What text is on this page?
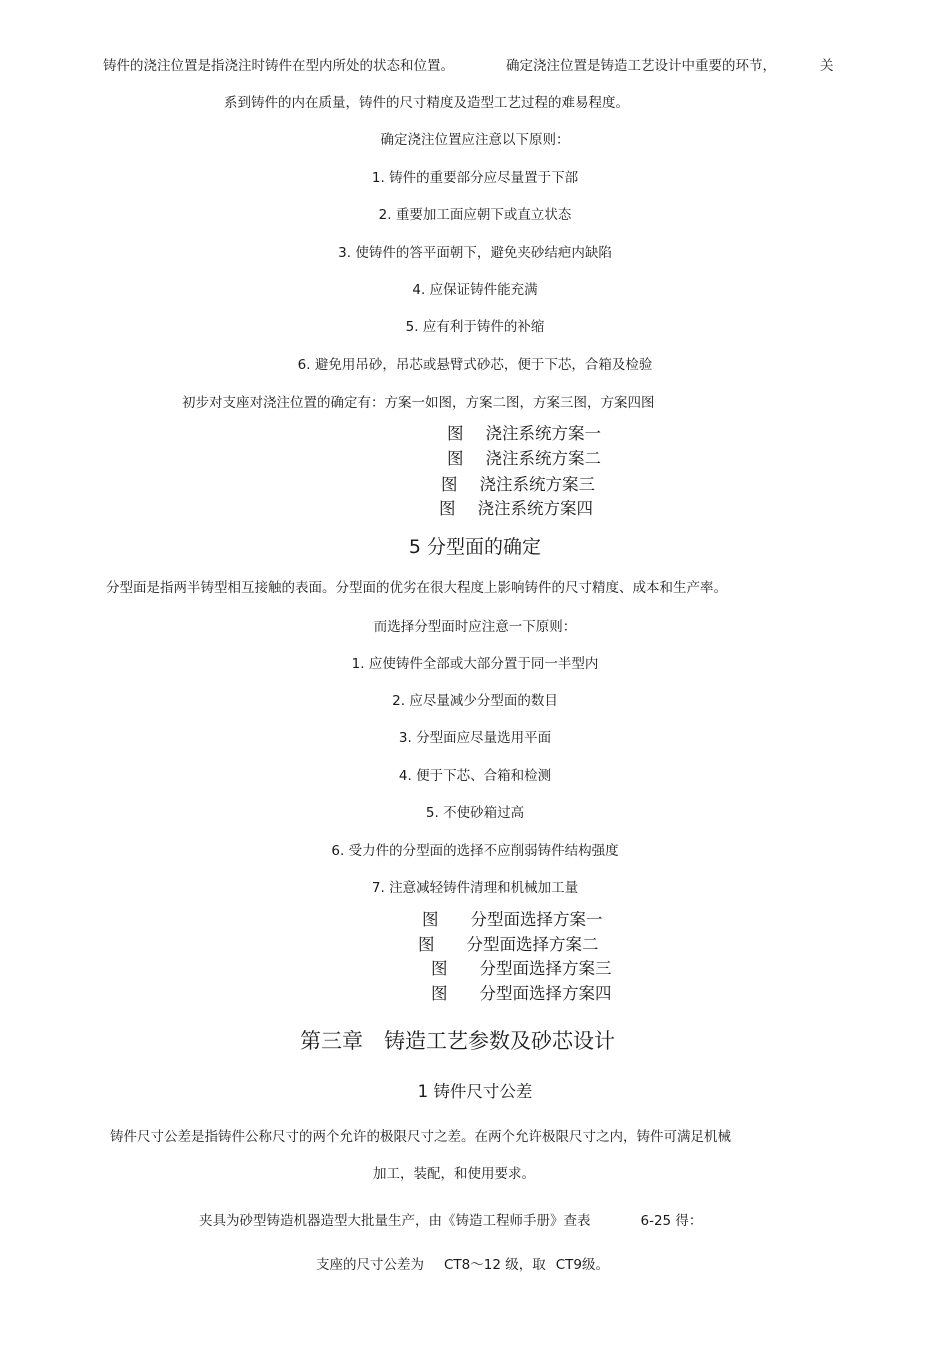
铸件的浇注位置是指浇注时铸件在型内所处的状态和位置。	确定浇注位置是铸造工艺设计中重要的环节，	关
系到铸件的内在质量，铸件的尺寸精度及造型工艺过程的难易程度。
确定浇注位置应注意以下原则：
1. 铸件的重要部分应尽量置于下部
2. 重要加工面应朝下或直立状态
3. 使铸件的答平面朝下，避免夹砂结疤内缺陷
4. 应保证铸件能充满
5. 应有利于铸件的补缩
6. 避免用吊砂，吊芯或悬臂式砂芯，便于下芯，合箱及检验
初步对支座对浇注位置的确定有：方案一如图，方案二图，方案三图，方案四图
图 浇注系统方案一
图 浇注系统方案二
图 浇注系统方案三
图 浇注系统方案四
5 分型面的确定
分型面是指两半铸型相互接触的表面。分型面的优劣在很大程度上影响铸件的尺寸精度、成本和生产率。
而选择分型面时应注意一下原则：
1. 应使铸件全部或大部分置于同一半型内
2. 应尽量减少分型面的数目
3. 分型面应尽量选用平面
4. 便于下芯、合箱和检测
5. 不使砂箱过高
6. 受力件的分型面的选择不应削弱铸件结构强度
7. 注意减轻铸件清理和机械加工量
图 分型面选择方案一
图 分型面选择方案二
图 分型面选择方案三
图 分型面选择方案四
第三章　铸造工艺参数及砂芯设计
1 铸件尺寸公差
铸件尺寸公差是指铸件公称尺寸的两个允许的极限尺寸之差。在两个允许极限尺寸之内，铸件可满足机械
加工，装配，和使用要求。
夹具为砂型铸造机器造型大批量生产，由《铸造工程师手册》查表	6-25 得：
支座的尺寸公差为 CT8～12 级，取 CT9级。
